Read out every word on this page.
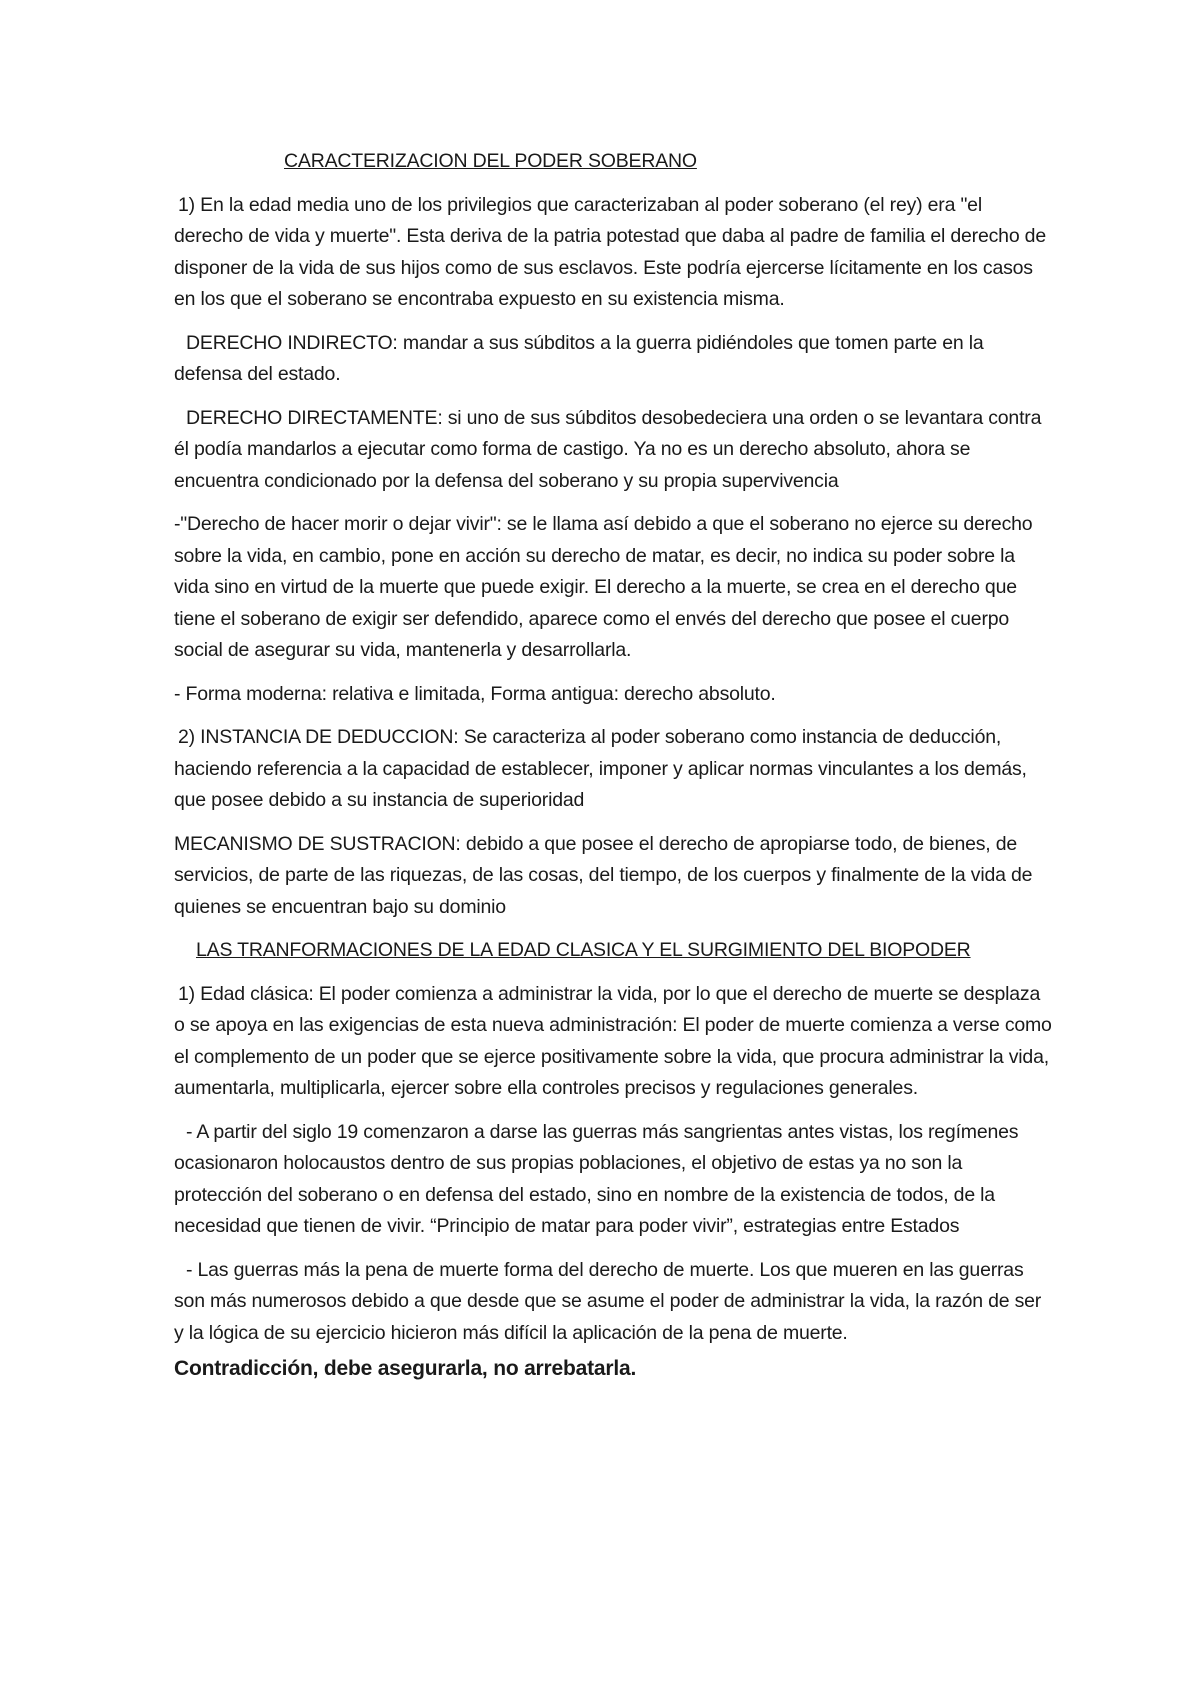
CARACTERIZACION DEL PODER SOBERANO

1) En la edad media uno de los privilegios que caracterizaban al poder soberano (el rey) era "el derecho de vida y muerte". Esta deriva de la patria potestad que daba al padre de familia el derecho de disponer de la vida de sus hijos como de sus esclavos. Este podría ejercerse lícitamente en los casos en los que el soberano se encontraba expuesto en su existencia misma.

DERECHO INDIRECTO: mandar a sus súbditos a la guerra pidiéndoles que tomen parte en la defensa del estado.

DERECHO DIRECTAMENTE: si uno de sus súbditos desobedeciera una orden o se levantara contra él podía mandarlos a ejecutar como forma de castigo. Ya no es un derecho absoluto, ahora se encuentra condicionado por la defensa del soberano y su propia supervivencia

-"Derecho de hacer morir o dejar vivir": se le llama así debido a que el soberano no ejerce su derecho sobre la vida, en cambio, pone en acción su derecho de matar, es decir, no indica su poder sobre la vida sino en virtud de la muerte que puede exigir. El derecho a la muerte, se crea en el derecho que tiene el soberano de exigir ser defendido, aparece como el envés del derecho que posee el cuerpo social de asegurar su vida, mantenerla y desarrollarla.

- Forma moderna: relativa e limitada, Forma antigua: derecho absoluto.

2) INSTANCIA DE DEDUCCION: Se caracteriza al poder soberano como instancia de deducción, haciendo referencia a la capacidad de establecer, imponer y aplicar normas vinculantes a los demás, que posee debido a su instancia de superioridad

MECANISMO DE SUSTRACION: debido a que posee el derecho de apropiarse todo, de bienes, de servicios, de parte de las riquezas, de las cosas, del tiempo, de los cuerpos y finalmente de la vida de quienes se encuentran bajo su dominio

LAS TRANFORMACIONES DE LA EDAD CLASICA Y EL SURGIMIENTO DEL BIOPODER

1) Edad clásica: El poder comienza a administrar la vida, por lo que el derecho de muerte se desplaza o se apoya en las exigencias de esta nueva administración: El poder de muerte comienza a verse como el complemento de un poder que se ejerce positivamente sobre la vida, que procura administrar la vida, aumentarla, multiplicarla, ejercer sobre ella controles precisos y regulaciones generales.

- A partir del siglo 19 comenzaron a darse las guerras más sangrientas antes vistas, los regímenes ocasionaron holocaustos dentro de sus propias poblaciones, el objetivo de estas ya no son la protección del soberano o en defensa del estado, sino en nombre de la existencia de todos, de la necesidad que tienen de vivir. “Principio de matar para poder vivir”, estrategias entre Estados

- Las guerras más la pena de muerte forma del derecho de muerte. Los que mueren en las guerras son más numerosos debido a que desde que se asume el poder de administrar la vida, la razón de ser y la lógica de su ejercicio hicieron más difícil la aplicación de la pena de muerte.

Contradicción, debe asegurarla, no arrebatarla.
